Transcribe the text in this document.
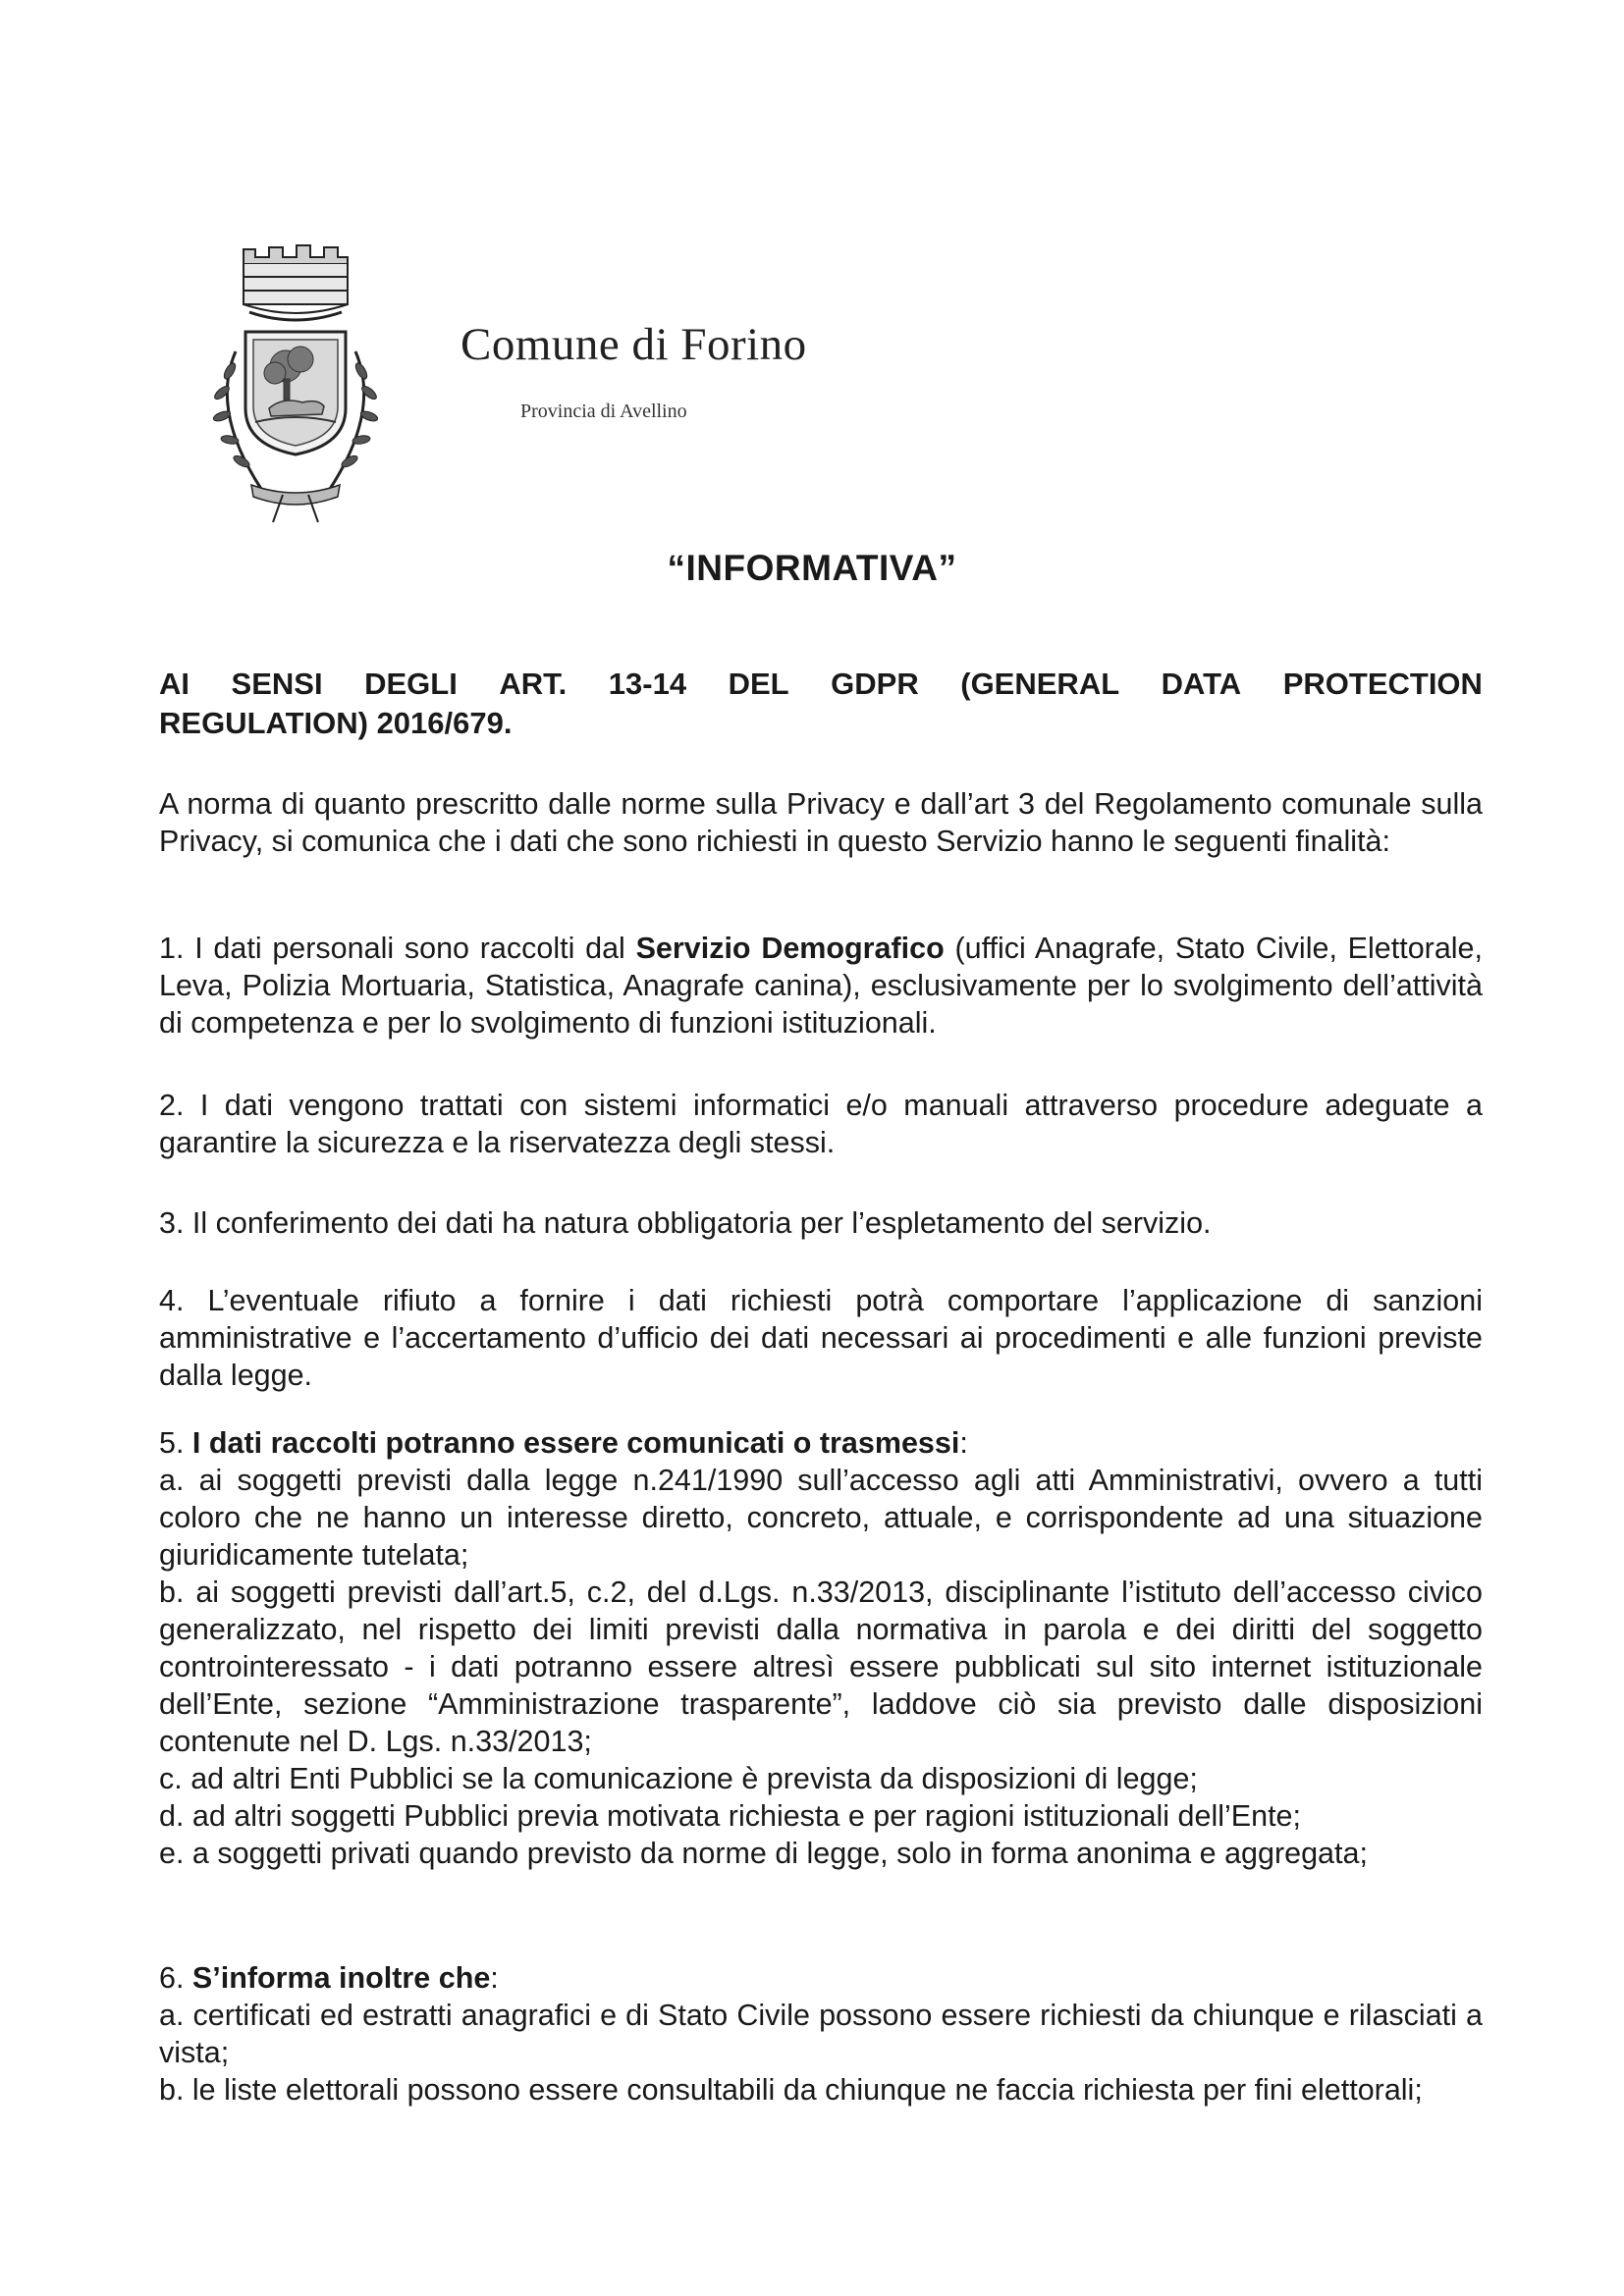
Comune di Forino
Provincia di Avellino
“INFORMATIVA”
AI SENSI DEGLI ART. 13-14 DEL GDPR (GENERAL DATA PROTECTION
REGULATION) 2016/679.

A norma di quanto prescritto dalle norme sulla Privacy e dall’art 3 del Regolamento comunale sulla Privacy, si comunica che i dati che sono richiesti in questo Servizio hanno le seguenti finalità:

1. I dati personali sono raccolti dal Servizio Demografico (uffici Anagrafe, Stato Civile, Elettorale, Leva, Polizia Mortuaria, Statistica, Anagrafe canina), esclusivamente per lo svolgimento dell’attività di competenza e per lo svolgimento di funzioni istituzionali.

2. I dati vengono trattati con sistemi informatici e/o manuali attraverso procedure adeguate a garantire la sicurezza e la riservatezza degli stessi.

3. Il conferimento dei dati ha natura obbligatoria per l’espletamento del servizio.

4. L’eventuale rifiuto a fornire i dati richiesti potrà comportare l’applicazione di sanzioni amministrative e l’accertamento d’ufficio dei dati necessari ai procedimenti e alle funzioni previste dalla legge.

5. I dati raccolti potranno essere comunicati o trasmessi:

a. ai soggetti previsti dalla legge n.241/1990 sull’accesso agli atti Amministrativi, ovvero a tutti coloro che ne hanno un interesse diretto, concreto, attuale, e corrispondente ad una situazione giuridicamente tutelata;

b. ai soggetti previsti dall’art.5, c.2, del d.Lgs. n.33/2013, disciplinante l’istituto dell’accesso civico generalizzato, nel rispetto dei limiti previsti dalla normativa in parola e dei diritti del soggetto controinteressato - i dati potranno essere altresì essere pubblicati sul sito internet istituzionale dell’Ente, sezione “Amministrazione trasparente”, laddove ciò sia previsto dalle disposizioni contenute nel D. Lgs. n.33/2013;

c. ad altri Enti Pubblici se la comunicazione è prevista da disposizioni di legge;

d. ad altri soggetti Pubblici previa motivata richiesta e per ragioni istituzionali dell’Ente;

e. a soggetti privati quando previsto da norme di legge, solo in forma anonima e aggregata;

6. S’informa inoltre che:

a. certificati ed estratti anagrafici e di Stato Civile possono essere richiesti da chiunque e rilasciati a vista;

b. le liste elettorali possono essere consultabili da chiunque ne faccia richiesta per fini elettorali;
